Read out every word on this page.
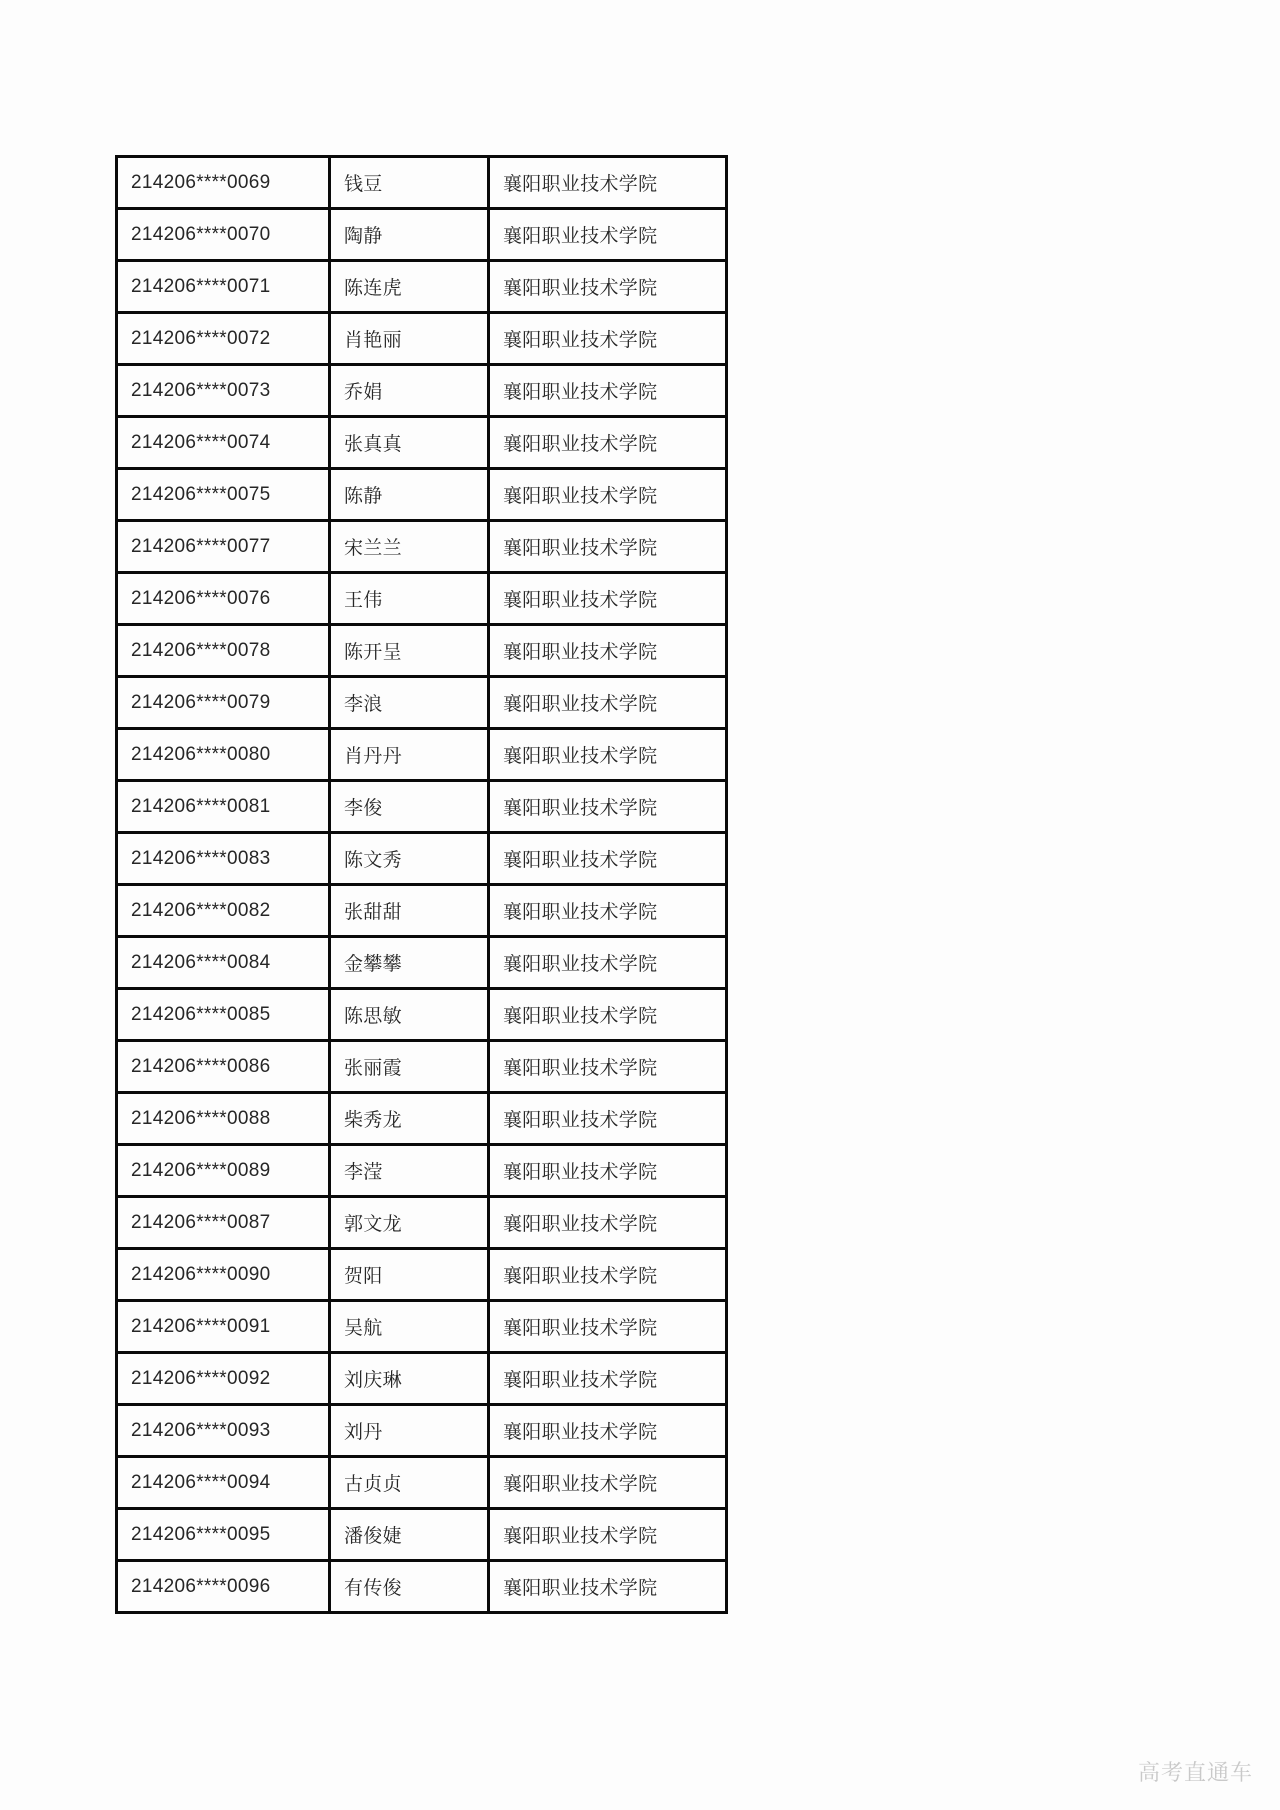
214206****0069	钱豆	襄阳职业技术学院
214206****0070	陶静	襄阳职业技术学院
214206****0071	陈连虎	襄阳职业技术学院
214206****0072	肖艳丽	襄阳职业技术学院
214206****0073	乔娟	襄阳职业技术学院
214206****0074	张真真	襄阳职业技术学院
214206****0075	陈静	襄阳职业技术学院
214206****0077	宋兰兰	襄阳职业技术学院
214206****0076	王伟	襄阳职业技术学院
214206****0078	陈开呈	襄阳职业技术学院
214206****0079	李浪	襄阳职业技术学院
214206****0080	肖丹丹	襄阳职业技术学院
214206****0081	李俊	襄阳职业技术学院
214206****0083	陈文秀	襄阳职业技术学院
214206****0082	张甜甜	襄阳职业技术学院
214206****0084	金攀攀	襄阳职业技术学院
214206****0085	陈思敏	襄阳职业技术学院
214206****0086	张丽霞	襄阳职业技术学院
214206****0088	柴秀龙	襄阳职业技术学院
214206****0089	李滢	襄阳职业技术学院
214206****0087	郭文龙	襄阳职业技术学院
214206****0090	贺阳	襄阳职业技术学院
214206****0091	吴航	襄阳职业技术学院
214206****0092	刘庆琳	襄阳职业技术学院
214206****0093	刘丹	襄阳职业技术学院
214206****0094	古贞贞	襄阳职业技术学院
214206****0095	潘俊婕	襄阳职业技术学院
214206****0096	有传俊	襄阳职业技术学院
高考直通车
